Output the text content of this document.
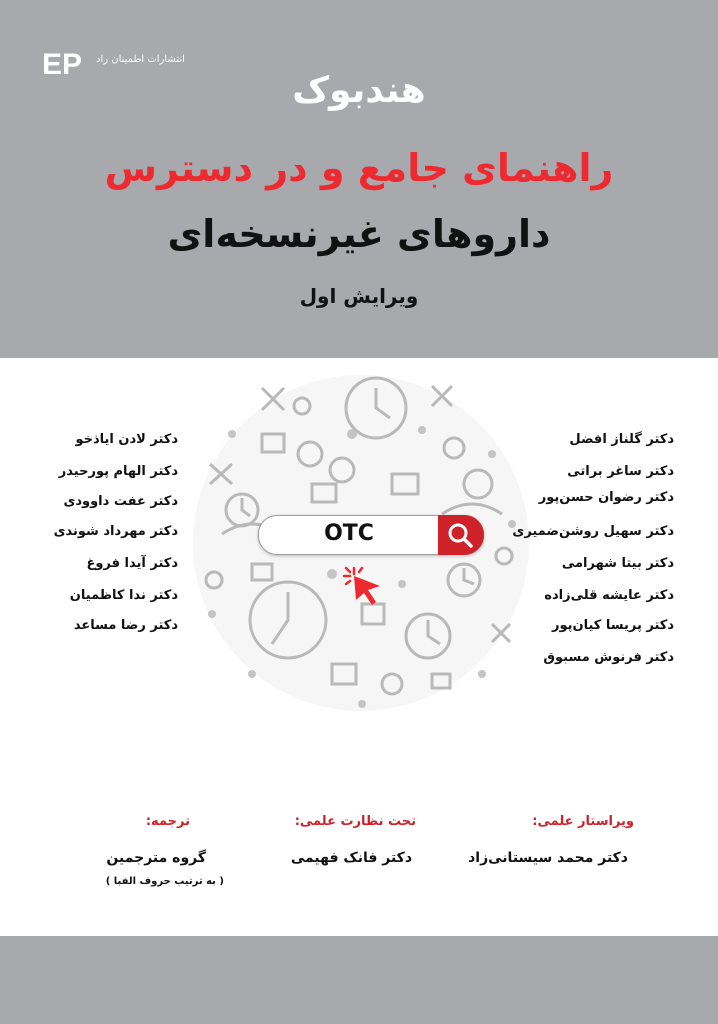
EP انتشارات اطمینان راد
هندبوک
راهنمای جامع و در دسترس
داروهای غیرنسخه‌ای
ویرایش اول
OTC
دکتر گلناز افضل
دکتر ساغر براتی
دکتر رضوان حسن‌پور
دکتر سهیل روشن‌ضمیری
دکتر بیتا شهرامی
دکتر عایشه قلی‌زاده
دکتر پریسا کیان‌پور
دکتر فرنوش مسبوق
دکتر لادن ایاذخو
دکتر الهام پورحیدر
دکتر عفت داوودی
دکتر مهرداد شوندی
دکتر آیدا فروغ
دکتر ندا کاظمیان
دکتر رضا مساعد
ویراستار علمی:
دکتر محمد سیستانی‌زاد
تحت نظارت علمی:
دکتر فانک فهیمی
ترجمه:
گروه مترجمین
( به ترتیب حروف الفبا )
